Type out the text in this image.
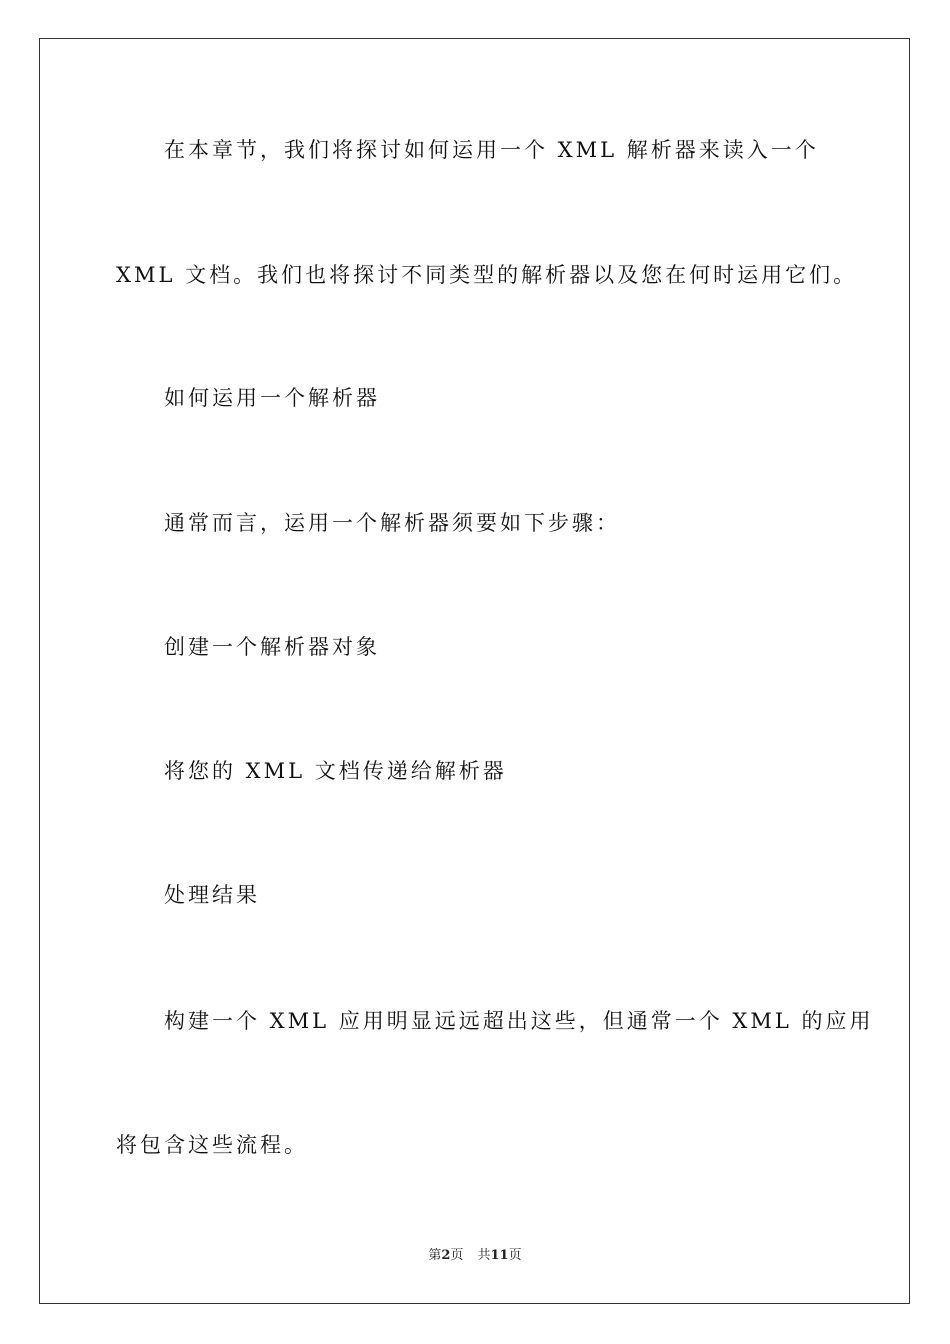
在本章节，我们将探讨如何运用一个 XML 解析器来读入一个
XML 文档。我们也将探讨不同类型的解析器以及您在何时运用它们。
如何运用一个解析器
通常而言，运用一个解析器须要如下步骤：
创建一个解析器对象
将您的 XML 文档传递给解析器
处理结果
构建一个 XML 应用明显远远超出这些，但通常一个 XML 的应用
将包含这些流程。
第2页 共11页
